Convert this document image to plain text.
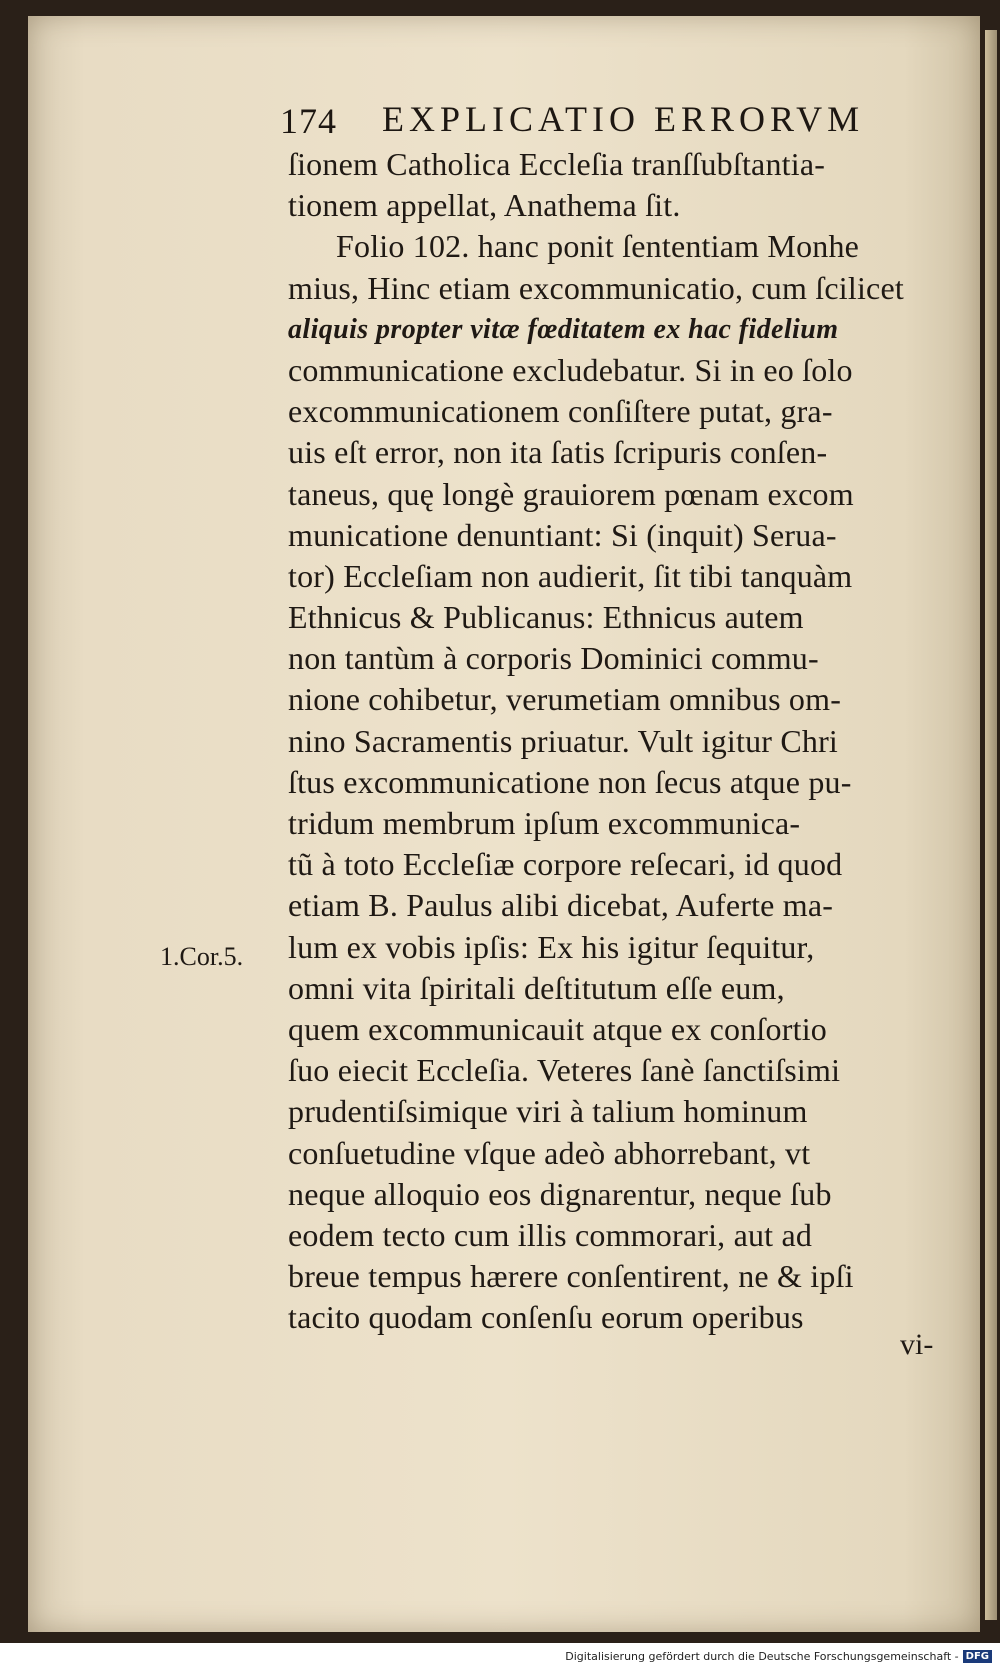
174 EXPLICATIO ERRORVM
1.Cor.5.
ſionem Catholica Eccleſia tranſſubſtantia-
tionem appellat, Anathema ſit.
Folio 102. hanc ponit ſententiam Monhe
mius, Hinc etiam excommunicatio, cum ſcilicet
aliquis propter vitæ fœditatem ex hac fidelium
communicatione excludebatur. Si in eo ſolo
excommunicationem conſiſtere putat, gra-
uis eſt error, non ita ſatis ſcripuris conſen-
taneus, quę longè grauiorem pœnam excom
municatione denuntiant: Si (inquit) Serua-
tor) Eccleſiam non audierit, ſit tibi tanquàm
Ethnicus & Publicanus: Ethnicus autem
non tantùm à corporis Dominici commu-
nione cohibetur, verumetiam omnibus om-
nino Sacramentis priuatur. Vult igitur Chri
ſtus excommunicatione non ſecus atque pu-
tridum membrum ipſum excommunica-
tũ à toto Eccleſiæ corpore reſecari, id quod
etiam B. Paulus alibi dicebat, Auferte ma-
lum ex vobis ipſis: Ex his igitur ſequitur,
omni vita ſpiritali deſtitutum eſſe eum,
quem excommunicauit atque ex conſortio
ſuo eiecit Eccleſia. Veteres ſanè ſanctiſsimi
prudentiſsimique viri à talium hominum
conſuetudine vſque adeò abhorrebant, vt
neque alloquio eos dignarentur, neque ſub
eodem tecto cum illis commorari, aut ad
breue tempus hærere conſentirent, ne & ipſi
tacito quodam conſenſu eorum operibus
vi-
Digitalisierung gefördert durch die Deutsche Forschungsgemeinschaft - DFG
